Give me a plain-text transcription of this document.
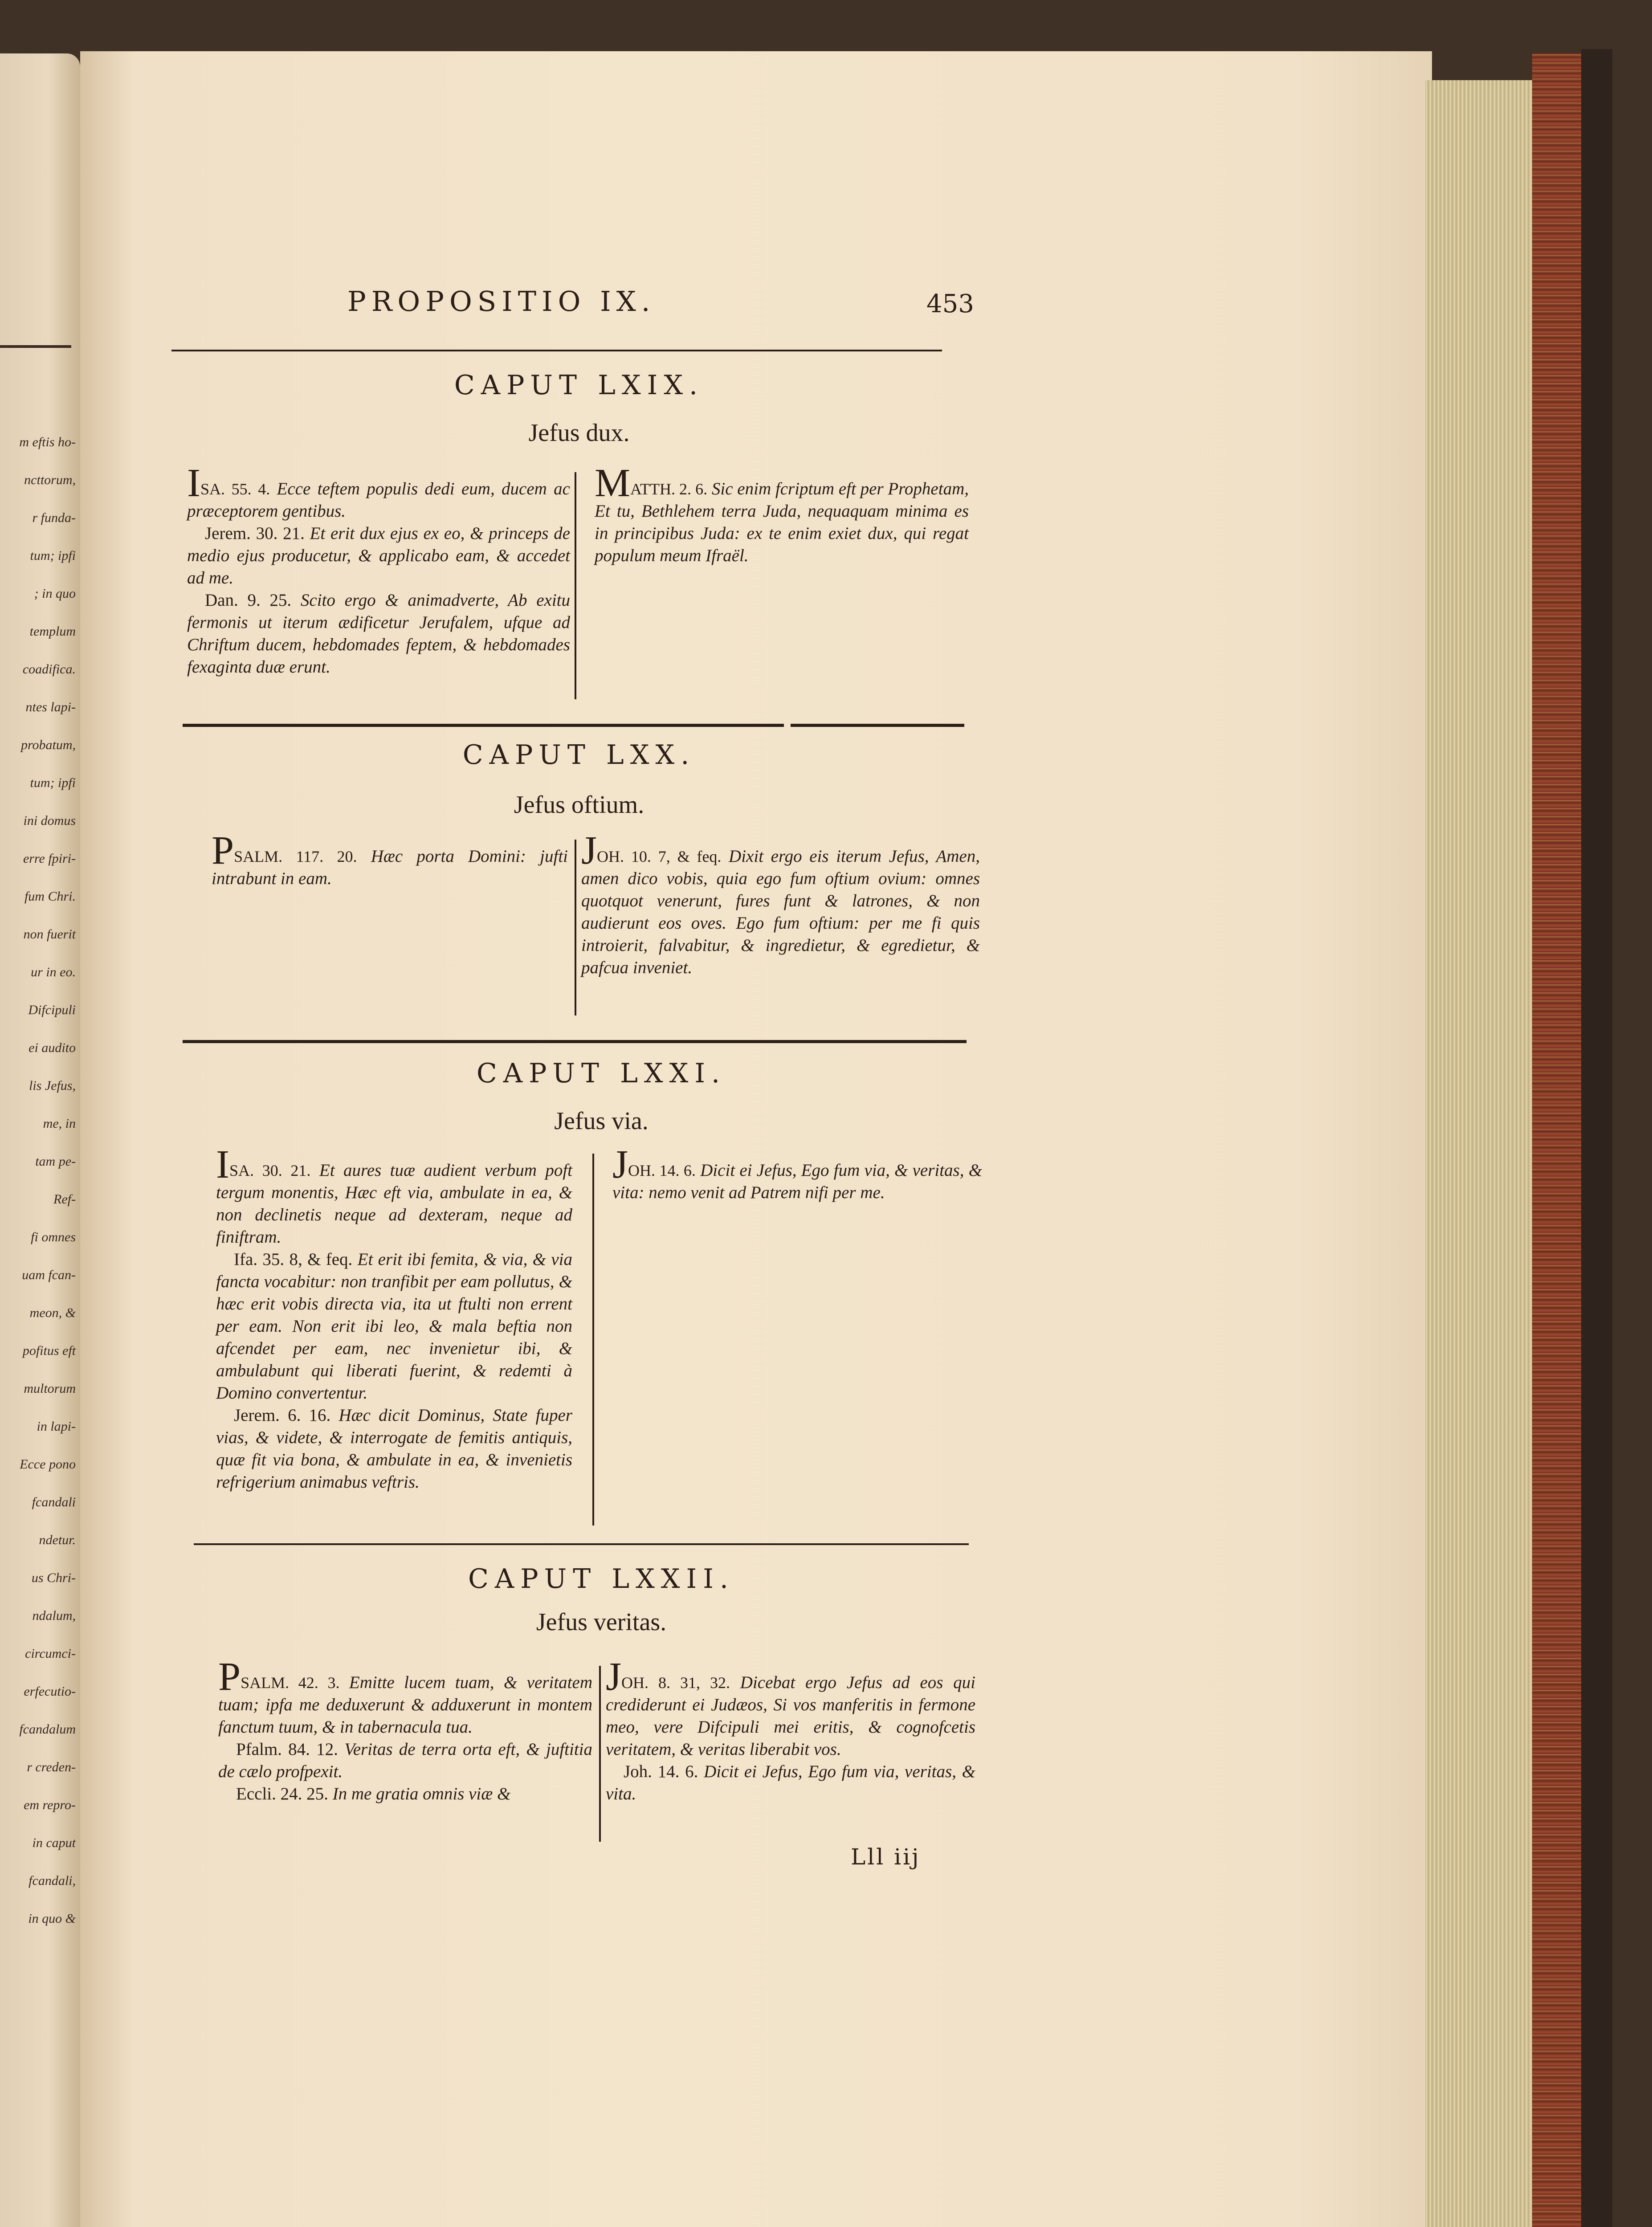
m eftis ho-
ncttorum,
r funda-
tum; ipfi
; in quo
templum
coadifica.
ntes lapi-
probatum,
tum; ipfi
ini domus
erre fpiri-
fum Chri.
non fuerit
ur in eo.
Difcipuli
ei audito
lis Jefus,
me, in
tam pe-
Ref-
fi omnes
uam fcan-
meon, &
pofitus eft
multorum
in lapi-
Ecce pono
fcandali
ndetur.
us Chri-
ndalum,
circumci-
erfecutio-
fcandalum
r creden-
em repro-
in caput
fcandali,
in quo &
PROPOSITIO IX.	453
CAPUT LXIX.
Jefus dux.
ISA. 55. 4. Ecce teftem populis dedi eum, ducem ac præceptorem gentibus.
Jerem. 30. 21. Et erit dux ejus ex eo, & princeps de medio ejus producetur, & applicabo eam, & accedet ad me.
Dan. 9. 25. Scito ergo & animadverte, Ab exitu fermonis ut iterum ædificetur Jerufalem, ufque ad Chriftum ducem, hebdomades feptem, & hebdomades fexaginta duæ erunt.
MATTH. 2. 6. Sic enim fcriptum eft per Prophetam, Et tu, Bethlehem terra Juda, nequaquam minima es in principibus Juda: ex te enim exiet dux, qui regat populum meum Ifraël.
CAPUT LXX.
Jefus oftium.
PSALM. 117. 20. Hæc porta Domini: jufti intrabunt in eam.
JOH. 10. 7, & feq. Dixit ergo eis iterum Jefus, Amen, amen dico vobis, quia ego fum oftium ovium: omnes quotquot venerunt, fures funt & latrones, & non audierunt eos oves. Ego fum oftium: per me fi quis introierit, falvabitur, & ingredietur, & egredietur, & pafcua inveniet.
CAPUT LXXI.
Jefus via.
ISA. 30. 21. Et aures tuæ audient verbum poft tergum monentis, Hæc eft via, ambulate in ea, & non declinetis neque ad dexteram, neque ad finiftram.
Ifa. 35. 8, & feq. Et erit ibi femita, & via, & via fancta vocabitur: non tranfibit per eam pollutus, & hæc erit vobis directa via, ita ut ftulti non errent per eam. Non erit ibi leo, & mala beftia non afcendet per eam, nec invenietur ibi, & ambulabunt qui liberati fuerint, & redemti à Domino convertentur.
Jerem. 6. 16. Hæc dicit Dominus, State fuper vias, & videte, & interrogate de femitis antiquis, quæ fit via bona, & ambulate in ea, & invenietis refrigerium animabus veftris.
JOH. 14. 6. Dicit ei Jefus, Ego fum via, & veritas, & vita: nemo venit ad Patrem nifi per me.
CAPUT LXXII.
Jefus veritas.
PSALM. 42. 3. Emitte lucem tuam, & veritatem tuam; ipfa me deduxerunt & adduxerunt in montem fanctum tuum, & in tabernacula tua.
Pfalm. 84. 12. Veritas de terra orta eft, & juftitia de cælo profpexit.
Eccli. 24. 25. In me gratia omnis viæ &
JOH. 8. 31, 32. Dicebat ergo Jefus ad eos qui crediderunt ei Judæos, Si vos manferitis in fermone meo, vere Difcipuli mei eritis, & cognofcetis veritatem, & veritas liberabit vos.
Joh. 14. 6. Dicit ei Jefus, Ego fum via, veritas, & vita.
Lll iij
